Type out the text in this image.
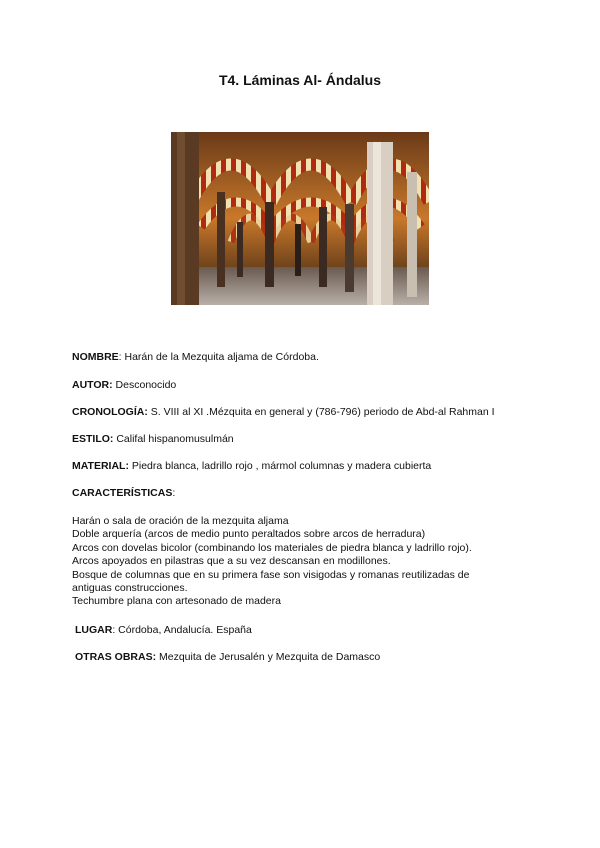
T4. Láminas Al- Ándalus
NOMBRE: Harán de la Mezquita aljama de Córdoba.
AUTOR: Desconocido
CRONOLOGÍA: S. VIII al XI .Mézquita en general y (786-796) periodo de Abd-al Rahman I
ESTILO: Califal hispanomusulmán
MATERIAL: Piedra blanca, ladrillo rojo , mármol columnas y madera cubierta
CARACTERÍSTICAS:
Harán o sala de oración de la mezquita aljama
Doble arquería (arcos de medio punto peraltados sobre arcos de herradura)
Arcos con dovelas bicolor (combinando los materiales de piedra blanca y ladrillo rojo).
Arcos apoyados en pilastras que a su vez descansan en modillones.
Bosque de columnas que en su primera fase son visigodas y romanas reutilizadas de
antiguas construcciones.
Techumbre plana con artesonado de madera
LUGAR: Córdoba, Andalucía. España
OTRAS OBRAS: Mezquita de Jerusalén y Mezquita de Damasco
